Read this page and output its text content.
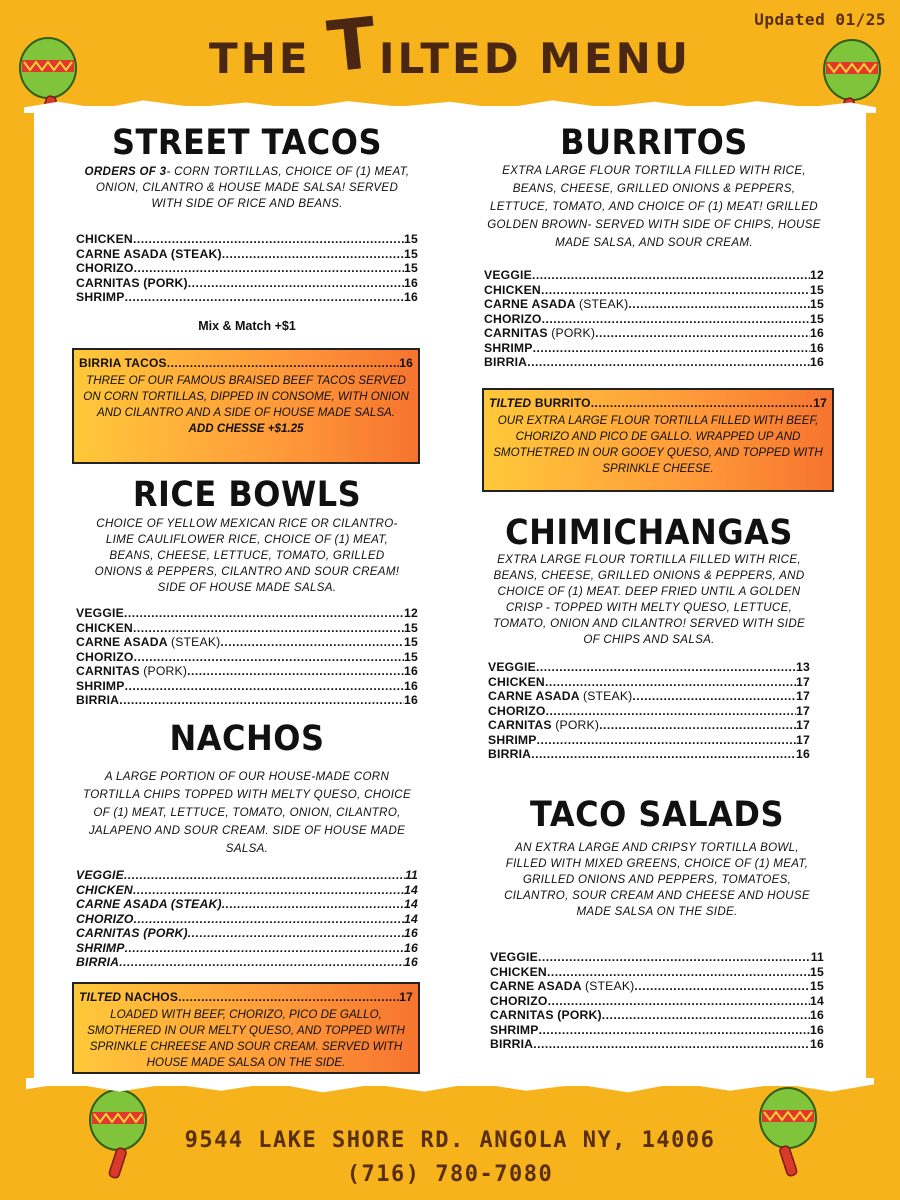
Updated 01/25
THE TILTED MENU
STREET TACOS
ORDERS OF 3- CORN TORTILLAS, CHOICE OF (1) MEAT, ONION, CILANTRO & HOUSE MADE SALSA! SERVED WITH SIDE OF RICE AND BEANS.
CHICKEN .....	15
CARNE ASADA (STEAK) .....	15
CHORIZO .....	15
CARNITAS (PORK) .....	16
SHRIMP .....	16
Mix & Match +$1
BIRRIA TACOS .....	16
THREE OF OUR FAMOUS BRAISED BEEF TACOS SERVED ON CORN TORTILLAS, DIPPED IN CONSOME, WITH ONION AND CILANTRO AND A SIDE OF HOUSE MADE SALSA.
ADD CHESSE +$1.25
RICE BOWLS
CHOICE OF YELLOW MEXICAN RICE OR CILANTRO-LIME CAULIFLOWER RICE, CHOICE OF (1) MEAT, BEANS, CHEESE, LETTUCE, TOMATO, GRILLED ONIONS & PEPPERS, CILANTRO AND SOUR CREAM! SIDE OF HOUSE MADE SALSA.
VEGGIE .....	12
CHICKEN .....	15
CARNE ASADA (STEAK) .....	15
CHORIZO .....	15
CARNITAS (PORK) .....	16
SHRIMP .....	16
BIRRIA .....	16
NACHOS
A LARGE PORTION OF OUR HOUSE-MADE CORN TORTILLA CHIPS TOPPED WITH MELTY QUESO, CHOICE OF (1) MEAT, LETTUCE, TOMATO, ONION, CILANTRO, JALAPENO AND SOUR CREAM. SIDE OF HOUSE MADE SALSA.
VEGGIE .....	11
CHICKEN .....	14
CARNE ASADA (STEAK) .....	14
CHORIZO .....	14
CARNITAS (PORK) .....	16
SHRIMP .....	16
BIRRIA .....	16
TILTED NACHOS .....	17
LOADED WITH BEEF, CHORIZO, PICO DE GALLO, SMOTHERED IN OUR MELTY QUESO, AND TOPPED WITH SPRINKLE CHREESE AND SOUR CREAM. SERVED WITH HOUSE MADE SALSA ON THE SIDE.
BURRITOS
EXTRA LARGE FLOUR TORTILLA FILLED WITH RICE, BEANS, CHEESE, GRILLED ONIONS & PEPPERS, LETTUCE, TOMATO, AND CHOICE OF (1) MEAT! GRILLED GOLDEN BROWN- SERVED WITH SIDE OF CHIPS, HOUSE MADE SALSA, AND SOUR CREAM.
VEGGIE .....	12
CHICKEN .....	15
CARNE ASADA (STEAK) .....	15
CHORIZO .....	15
CARNITAS (PORK) .....	16
SHRIMP .....	16
BIRRIA .....	16
TILTED BURRITO .....	17
OUR EXTRA LARGE FLOUR TORTILLA FILLED WITH BEEF, CHORIZO AND PICO DE GALLO. WRAPPED UP AND SMOTHETRED IN OUR GOOEY QUESO, AND TOPPED WITH SPRINKLE CHEESE.
CHIMICHANGAS
EXTRA LARGE FLOUR TORTILLA FILLED WITH RICE, BEANS, CHEESE, GRILLED ONIONS & PEPPERS, AND CHOICE OF (1) MEAT. DEEP FRIED UNTIL A GOLDEN CRISP - TOPPED WITH MELTY QUESO, LETTUCE, TOMATO, ONION AND CILANTRO! SERVED WITH SIDE OF CHIPS AND SALSA.
VEGGIE .....	13
CHICKEN .....	17
CARNE ASADA (STEAK) .....	17
CHORIZO .....	17
CARNITAS (PORK) .....	17
SHRIMP .....	17
BIRRIA .....	16
TACO SALADS
AN EXTRA LARGE AND CRIPSY TORTILLA BOWL, FILLED WITH MIXED GREENS, CHOICE OF (1) MEAT, GRILLED ONIONS AND PEPPERS, TOMATOES, CILANTRO, SOUR CREAM AND CHEESE AND HOUSE MADE SALSA ON THE SIDE.
VEGGIE .....	11
CHICKEN .....	15
CARNE ASADA (STEAK) .....	15
CHORIZO .....	14
CARNITAS (PORK) .....	16
SHRIMP .....	16
BIRRIA .....	16
9544 LAKE SHORE RD. ANGOLA NY, 14006
(716) 780-7080
